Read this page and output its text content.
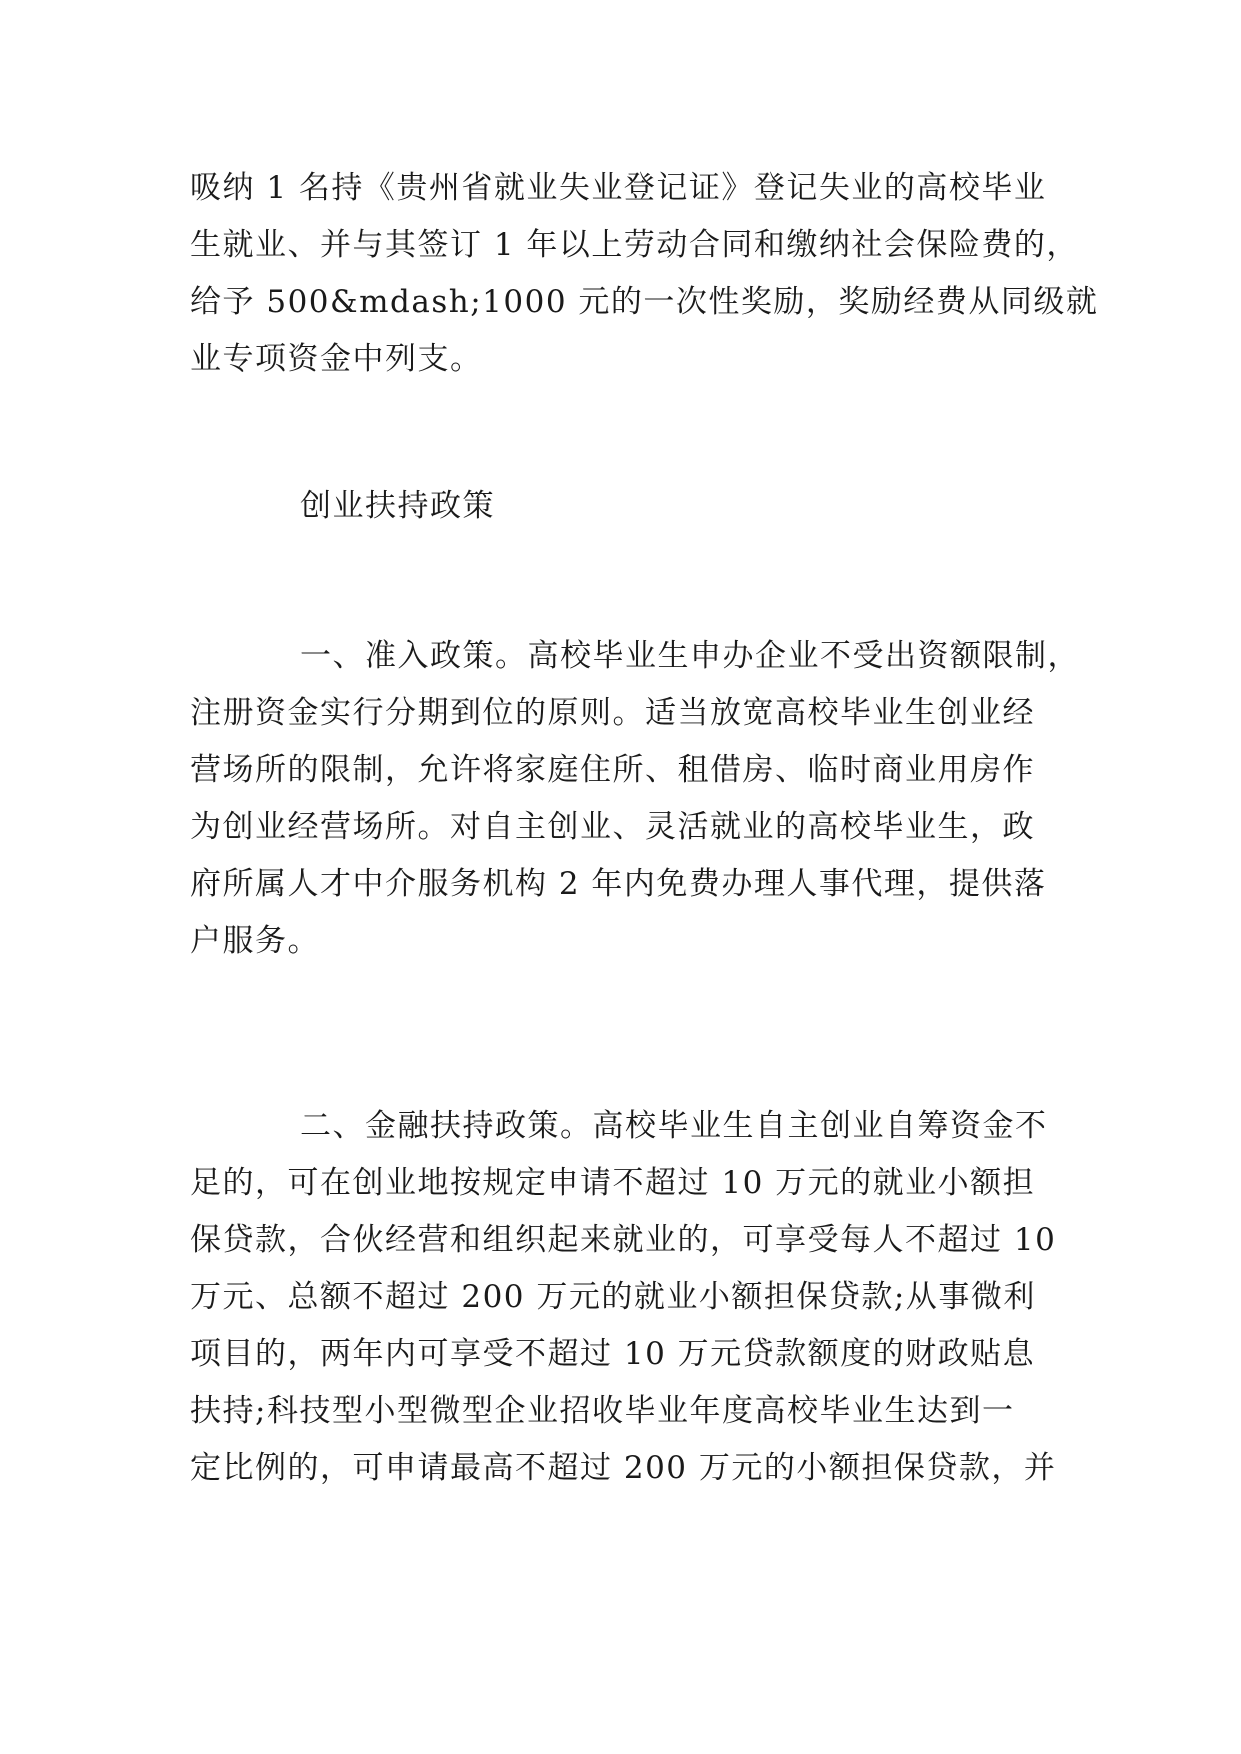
吸纳 1 名持《贵州省就业失业登记证》登记失业的高校毕业
生就业、并与其签订 1 年以上劳动合同和缴纳社会保险费的，
给予 500&mdash;1000 元的一次性奖励，奖励经费从同级就
业专项资金中列支。
创业扶持政策
一、准入政策。高校毕业生申办企业不受出资额限制，
注册资金实行分期到位的原则。适当放宽高校毕业生创业经
营场所的限制，允许将家庭住所、租借房、临时商业用房作
为创业经营场所。对自主创业、灵活就业的高校毕业生，政
府所属人才中介服务机构 2 年内免费办理人事代理，提供落
户服务。
二、金融扶持政策。高校毕业生自主创业自筹资金不
足的，可在创业地按规定申请不超过 10 万元的就业小额担
保贷款，合伙经营和组织起来就业的，可享受每人不超过 10
万元、总额不超过 200 万元的就业小额担保贷款;从事微利
项目的，两年内可享受不超过 10 万元贷款额度的财政贴息
扶持;科技型小型微型企业招收毕业年度高校毕业生达到一
定比例的，可申请最高不超过 200 万元的小额担保贷款，并
